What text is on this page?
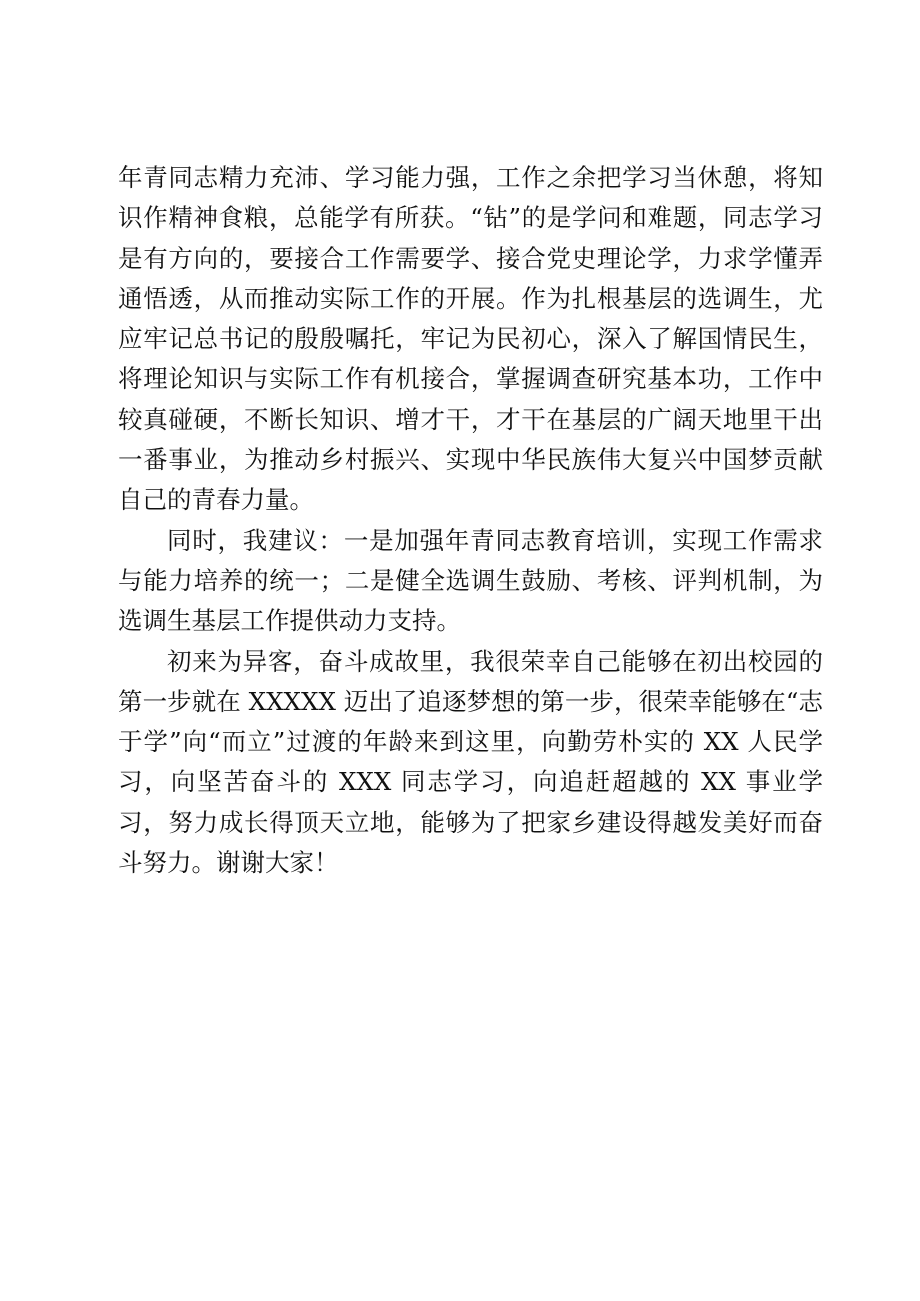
年青同志精力充沛、学习能力强，工作之余把学习当休憩，将知识作精神食粮，总能学有所获。“钻”的是学问和难题，同志学习是有方向的，要接合工作需要学、接合党史理论学，力求学懂弄通悟透，从而推动实际工作的开展。作为扎根基层的选调生，尤应牢记总书记的殷殷嘱托，牢记为民初心，深入了解国情民生，将理论知识与实际工作有机接合，掌握调查研究基本功，工作中较真碰硬，不断长知识、增才干，才干在基层的广阔天地里干出一番事业，为推动乡村振兴、实现中华民族伟大复兴中国梦贡献自己的青春力量。

同时，我建议：一是加强年青同志教育培训，实现工作需求与能力培养的统一；二是健全选调生鼓励、考核、评判机制，为选调生基层工作提供动力支持。

初来为异客，奋斗成故里，我很荣幸自己能够在初出校园的第一步就在 XXXXX 迈出了追逐梦想的第一步，很荣幸能够在“志于学”向“而立”过渡的年龄来到这里，向勤劳朴实的 XX 人民学习，向坚苦奋斗的 XXX 同志学习，向追赶超越的 XX 事业学习，努力成长得顶天立地，能够为了把家乡建设得越发美好而奋斗努力。谢谢大家！
